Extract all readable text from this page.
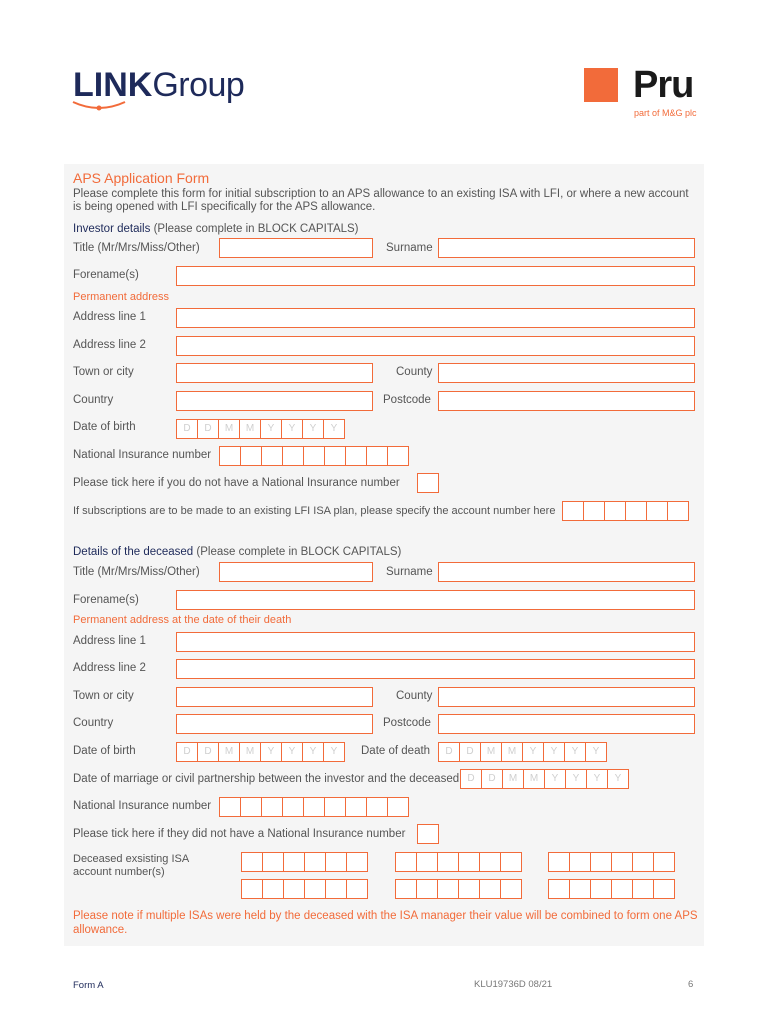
LINKGroup	Pru
part of M&G plc
APS Application Form
Please complete this form for initial subscription to an APS allowance to an existing ISA with LFI, or where a new account is being opened with LFI specifically for the APS allowance.
Investor details (Please complete in BLOCK CAPITALS)
Title (Mr/Mrs/Miss/Other)	Surname
Forename(s)
Permanent address
Address line 1
Address line 2
Town or city	County
Country	Postcode
Date of birth	D	D	M	M	Y	Y	Y	Y
National Insurance number
Please tick here if you do not have a National Insurance number
If subscriptions are to be made to an existing LFI ISA plan, please specify the account number here
Details of the deceased (Please complete in BLOCK CAPITALS)
Title (Mr/Mrs/Miss/Other)	Surname
Forename(s)
Permanent address at the date of their death
Address line 1
Address line 2
Town or city	County
Country	Postcode
Date of birth	D	D	M	M	Y	Y	Y	Y	Date of death	D	D	M	M	Y	Y	Y	Y
Date of marriage or civil partnership between the investor and the deceased D	D	M	M	Y	Y	Y	Y
National Insurance number
Please tick here if they did not have a National Insurance number
Deceased exsisting ISA
account number(s)
Please note if multiple ISAs were held by the deceased with the ISA manager their value will be combined to form one APS allowance.
Form A	KLU19736D 08/21	6
